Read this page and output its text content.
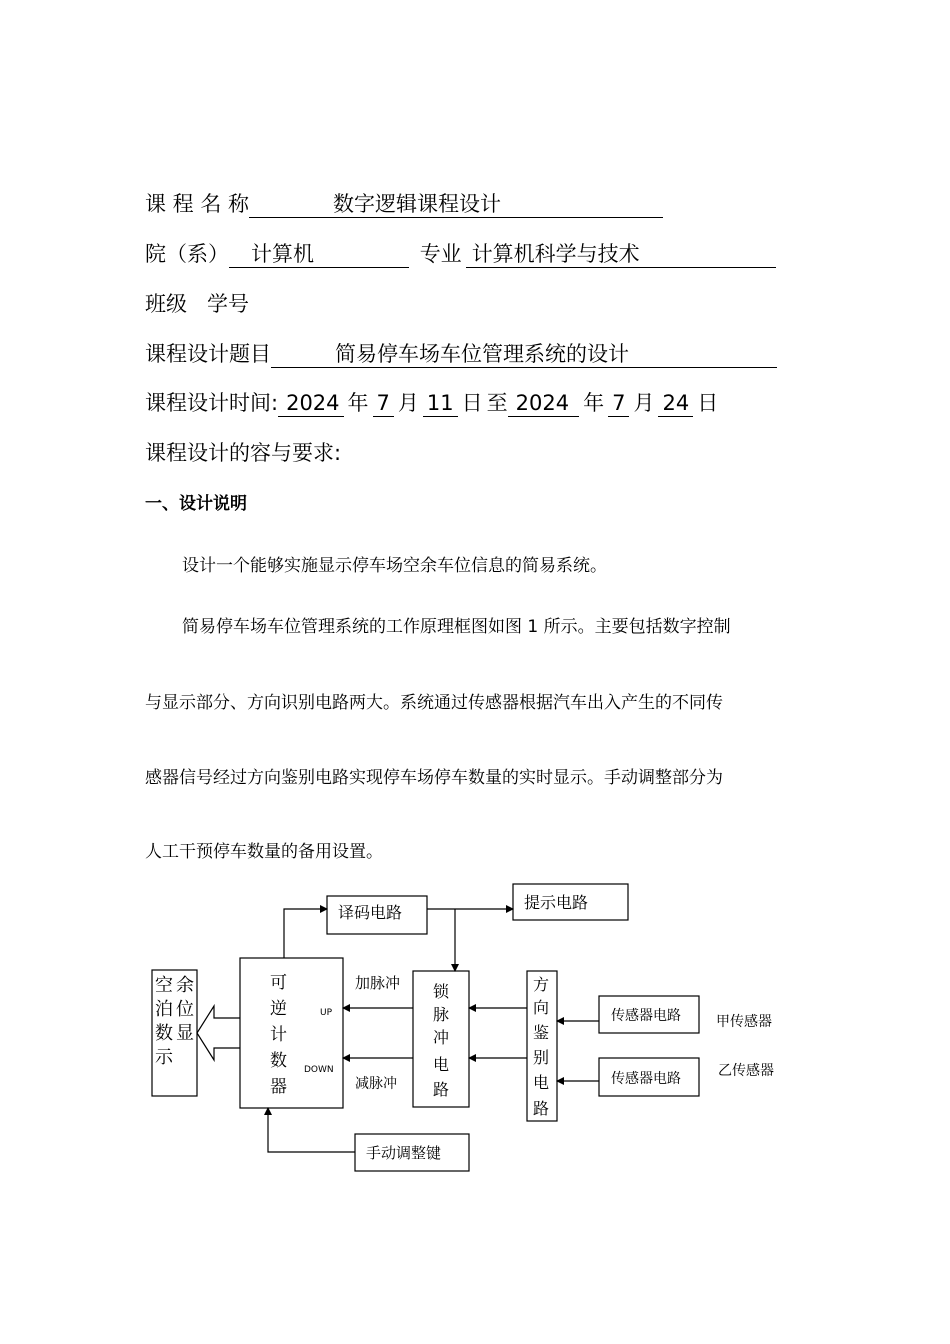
课 程 名 称	数字逻辑课程设计
院（系） 计算机	专业 计算机科学与技术
班级 学号
课程设计题目	简易停车场车位管理系统的设计
课程设计时间: 2024 年 7 月 11 日 至 2024 年 7 月 24 日
课程设计的容与要求:
一、设计说明
设计一个能够实施显示停车场空余车位信息的简易系统。
简易停车场车位管理系统的工作原理框图如图 1 所示。主要包括数字控制
与显示部分、方向识别电路两大。系统通过传感器根据汽车出入产生的不同传
感器信号经过方向鉴别电路实现停车场停车数量的实时显示。手动调整部分为
人工干预停车数量的备用设置。
译码电路
提示电路
空
泊
数
示
余
位
显
可
逆
计
数
器
UP
DOWN
加脉冲
减脉冲
锁
脉
冲
电
路
方
向
鉴
别
电
路
传感器电路
传感器电路
甲传感器
乙传感器
手动调整键
